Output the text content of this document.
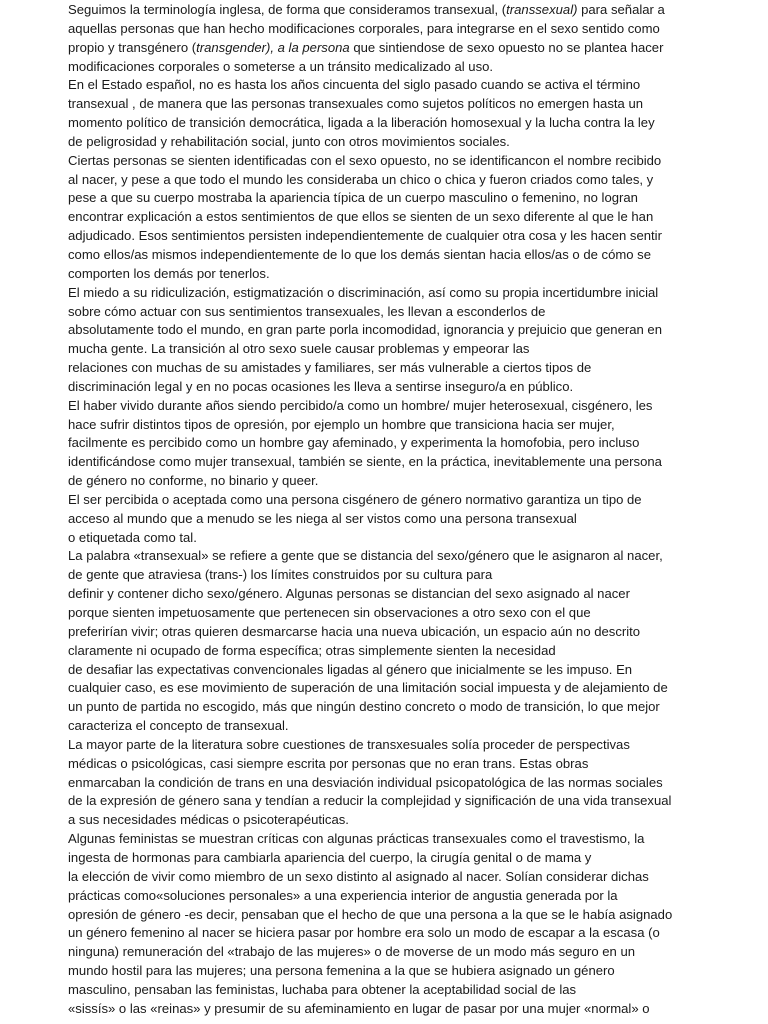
Seguimos la terminología inglesa, de forma que consideramos transexual, (transsexual) para señalar a
aquellas personas que han hecho modificaciones corporales, para integrarse en el sexo sentido como
propio y transgénero (transgender), a la persona que sintiendose de sexo opuesto no se plantea hacer
modificaciones corporales o someterse a un tránsito medicalizado al uso.
En el Estado español, no es hasta los años cincuenta del siglo pasado cuando se activa el término
transexual , de manera que las personas transexuales como sujetos políticos no emergen hasta un
momento político de transición democrática, ligada a la liberación homosexual y la lucha contra la ley
de peligrosidad y rehabilitación social, junto con otros movimientos sociales.
Ciertas personas se sienten identificadas con el sexo opuesto, no se identificancon el nombre recibido
al nacer, y pese a que todo el mundo les consideraba un chico o chica y fueron criados como tales, y
pese a que su cuerpo mostraba la apariencia típica de un cuerpo masculino o femenino, no logran
encontrar explicación a estos sentimientos de que ellos se sienten de un sexo diferente al que le han
adjudicado. Esos sentimientos persisten independientemente de cualquier otra cosa y les hacen sentir
como ellos/as mismos independientemente de lo que los demás sientan hacia ellos/as o de cómo se
comporten los demás por tenerlos.
El miedo a su ridiculización, estigmatización o discriminación, así como su propia incertidumbre inicial
sobre cómo actuar con sus sentimientos transexuales, les llevan a esconderlos de
absolutamente todo el mundo, en gran parte porla incomodidad, ignorancia y prejuicio que generan en
mucha gente. La transición al otro sexo suele causar problemas y empeorar las
relaciones con muchas de su amistades y familiares, ser más vulnerable a ciertos tipos de
discriminación legal y en no pocas ocasiones les lleva a sentirse inseguro/a en público.
El haber vivido durante años siendo percibido/a como un hombre/ mujer heterosexual, cisgénero, les
hace sufrir distintos tipos de opresión, por ejemplo un hombre que transiciona hacia ser mujer,
facilmente es percibido como un hombre gay afeminado, y experimenta la homofobia, pero incluso
identificándose como mujer transexual, también se siente, en la práctica, inevitablemente una persona
de género no conforme, no binario y queer.
El ser percibida o aceptada como una persona cisgénero de género normativo garantiza un tipo de
acceso al mundo que a menudo se les niega al ser vistos como una persona transexual
o etiquetada como tal.
La palabra «transexual» se refiere a gente que se distancia del sexo/género que le asignaron al nacer,
de gente que atraviesa (trans-) los límites construidos por su cultura para
definir y contener dicho sexo/género. Algunas personas se distancian del sexo asignado al nacer
porque sienten impetuosamente que pertenecen sin observaciones a otro sexo con el que
preferirían vivir; otras quieren desmarcarse hacia una nueva ubicación, un espacio aún no descrito
claramente ni ocupado de forma específica; otras simplemente sienten la necesidad
de desafiar las expectativas convencionales ligadas al género que inicialmente se les impuso. En
cualquier caso, es ese movimiento de superación de una limitación social impuesta y de alejamiento de
un punto de partida no escogido, más que ningún destino concreto o modo de transición, lo que mejor
caracteriza el concepto de transexual.
La mayor parte de la literatura sobre cuestiones de transxesuales solía proceder de perspectivas
médicas o psicológicas, casi siempre escrita por personas que no eran trans. Estas obras
enmarcaban la condición de trans en una desviación individual psicopatológica de las normas sociales
de la expresión de género sana y tendían a reducir la complejidad y significación de una vida transexual
a sus necesidades médicas o psicoterapéuticas.
Algunas feministas se muestran críticas con algunas prácticas transexuales como el travestismo, la
ingesta de hormonas para cambiarla apariencia del cuerpo, la cirugía genital o de mama y
la elección de vivir como miembro de un sexo distinto al asignado al nacer. Solían considerar dichas
prácticas como«soluciones personales» a una experiencia interior de angustia generada por la
opresión de género -es decir, pensaban que el hecho de que una persona a la que se le había asignado
un género femenino al nacer se hiciera pasar por hombre era solo un modo de escapar a la escasa (o
ninguna) remuneración del «trabajo de las mujeres» o de moverse de un modo más seguro en un
mundo hostil para las mujeres; una persona femenina a la que se hubiera asignado un género
masculino, pensaban las feministas, luchaba para obtener la aceptabilidad social de las
«sissís» o las «reinas» y presumir de su afeminamiento en lugar de pasar por una mujer «normal» o
